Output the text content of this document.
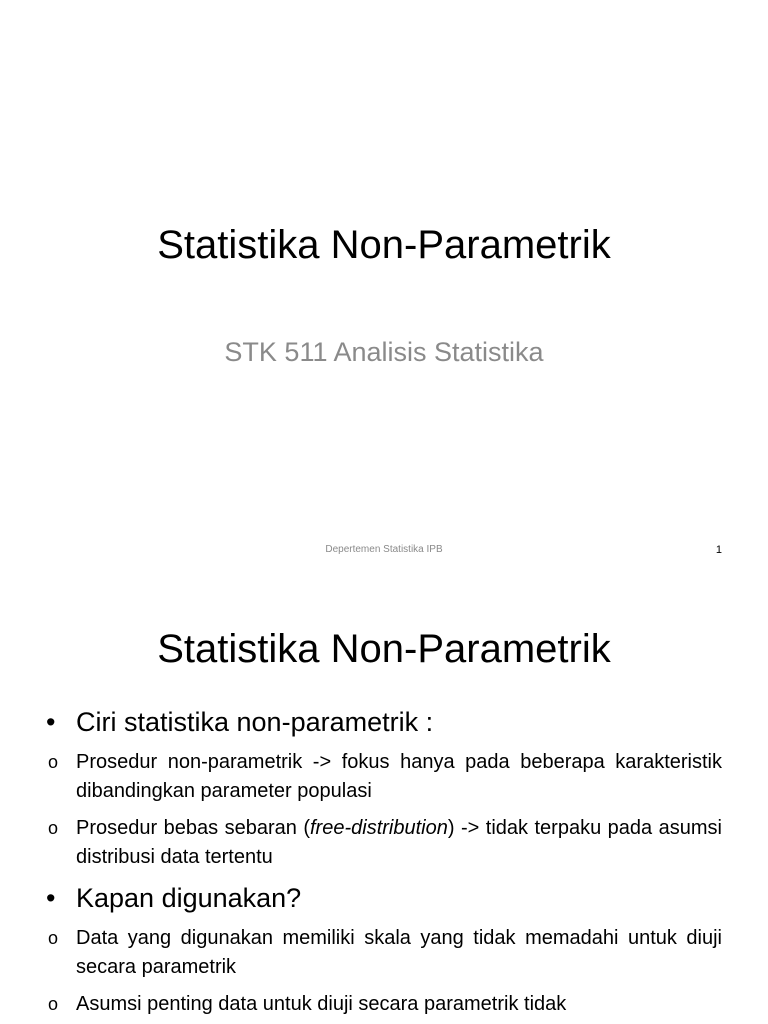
Statistika Non-Parametrik
STK 511 Analisis Statistika
Depertemen Statistika IPB	1
Statistika Non-Parametrik
• Ciri statistika non-parametrik :
o Prosedur non-parametrik -> fokus hanya pada beberapa karakteristik dibandingkan parameter populasi
o Prosedur bebas sebaran (free-distribution) -> tidak terpaku pada asumsi distribusi data tertentu
• Kapan digunakan?
o Data yang digunakan memiliki skala yang tidak memadahi untuk diuji secara parametrik
o Asumsi penting data untuk diuji secara parametrik tidak
